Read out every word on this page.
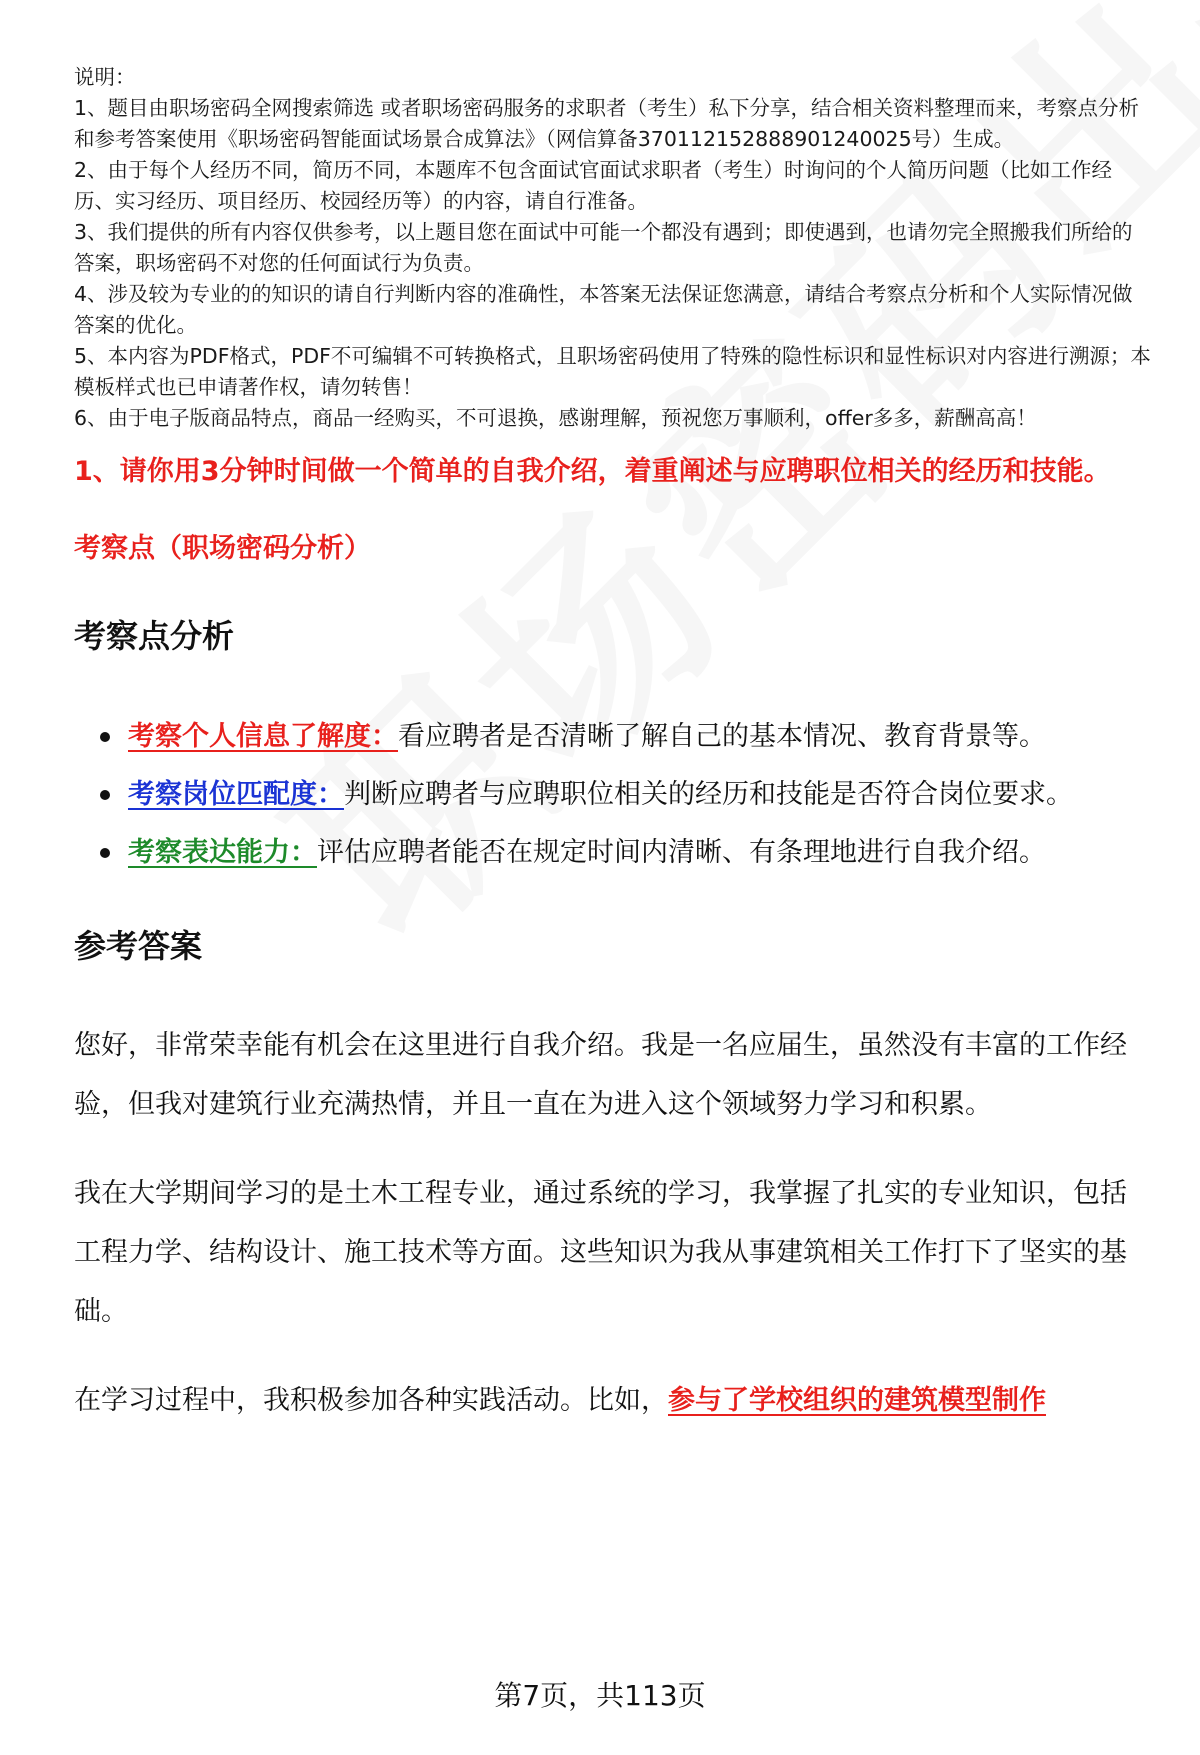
说明：

1、题目由职场密码全网搜索筛选 或者职场密码服务的求职者（考生）私下分享，结合相关资料整理而来，考察点分析和参考答案使用《职场密码智能面试场景合成算法》（网信算备370112152888901240025号）生成。

2、由于每个人经历不同，简历不同，本题库不包含面试官面试求职者（考生）时询问的个人简历问题（比如工作经历、实习经历、项目经历、校园经历等）的内容，请自行准备。

3、我们提供的所有内容仅供参考，以上题目您在面试中可能一个都没有遇到；即使遇到，也请勿完全照搬我们所给的答案，职场密码不对您的任何面试行为负责。

4、涉及较为专业的的知识的请自行判断内容的准确性，本答案无法保证您满意，请结合考察点分析和个人实际情况做答案的优化。

5、本内容为PDF格式，PDF不可编辑不可转换格式，且职场密码使用了特殊的隐性标识和显性标识对内容进行溯源；本模板样式也已申请著作权，请勿转售！

6、由于电子版商品特点，商品一经购买，不可退换，感谢理解，预祝您万事顺利，offer多多，薪酬高高！

1、请你用3分钟时间做一个简单的自我介绍，着重阐述与应聘职位相关的经历和技能。
考察点（职场密码分析）
考察点分析
考察个人信息了解度：看应聘者是否清晰了解自己的基本情况、教育背景等。
考察岗位匹配度：判断应聘者与应聘职位相关的经历和技能是否符合岗位要求。
考察表达能力：评估应聘者能否在规定时间内清晰、有条理地进行自我介绍。
参考答案

您好，非常荣幸能有机会在这里进行自我介绍。我是一名应届生，虽然没有丰富的工作经验，但我对建筑行业充满热情，并且一直在为进入这个领域努力学习和积累。

我在大学期间学习的是土木工程专业，通过系统的学习，我掌握了扎实的专业知识，包括工程力学、结构设计、施工技术等方面。这些知识为我从事建筑相关工作打下了坚实的基础。

在学习过程中，我积极参加各种实践活动。比如，参与了学校组织的建筑模型制作

第7页，共113页
